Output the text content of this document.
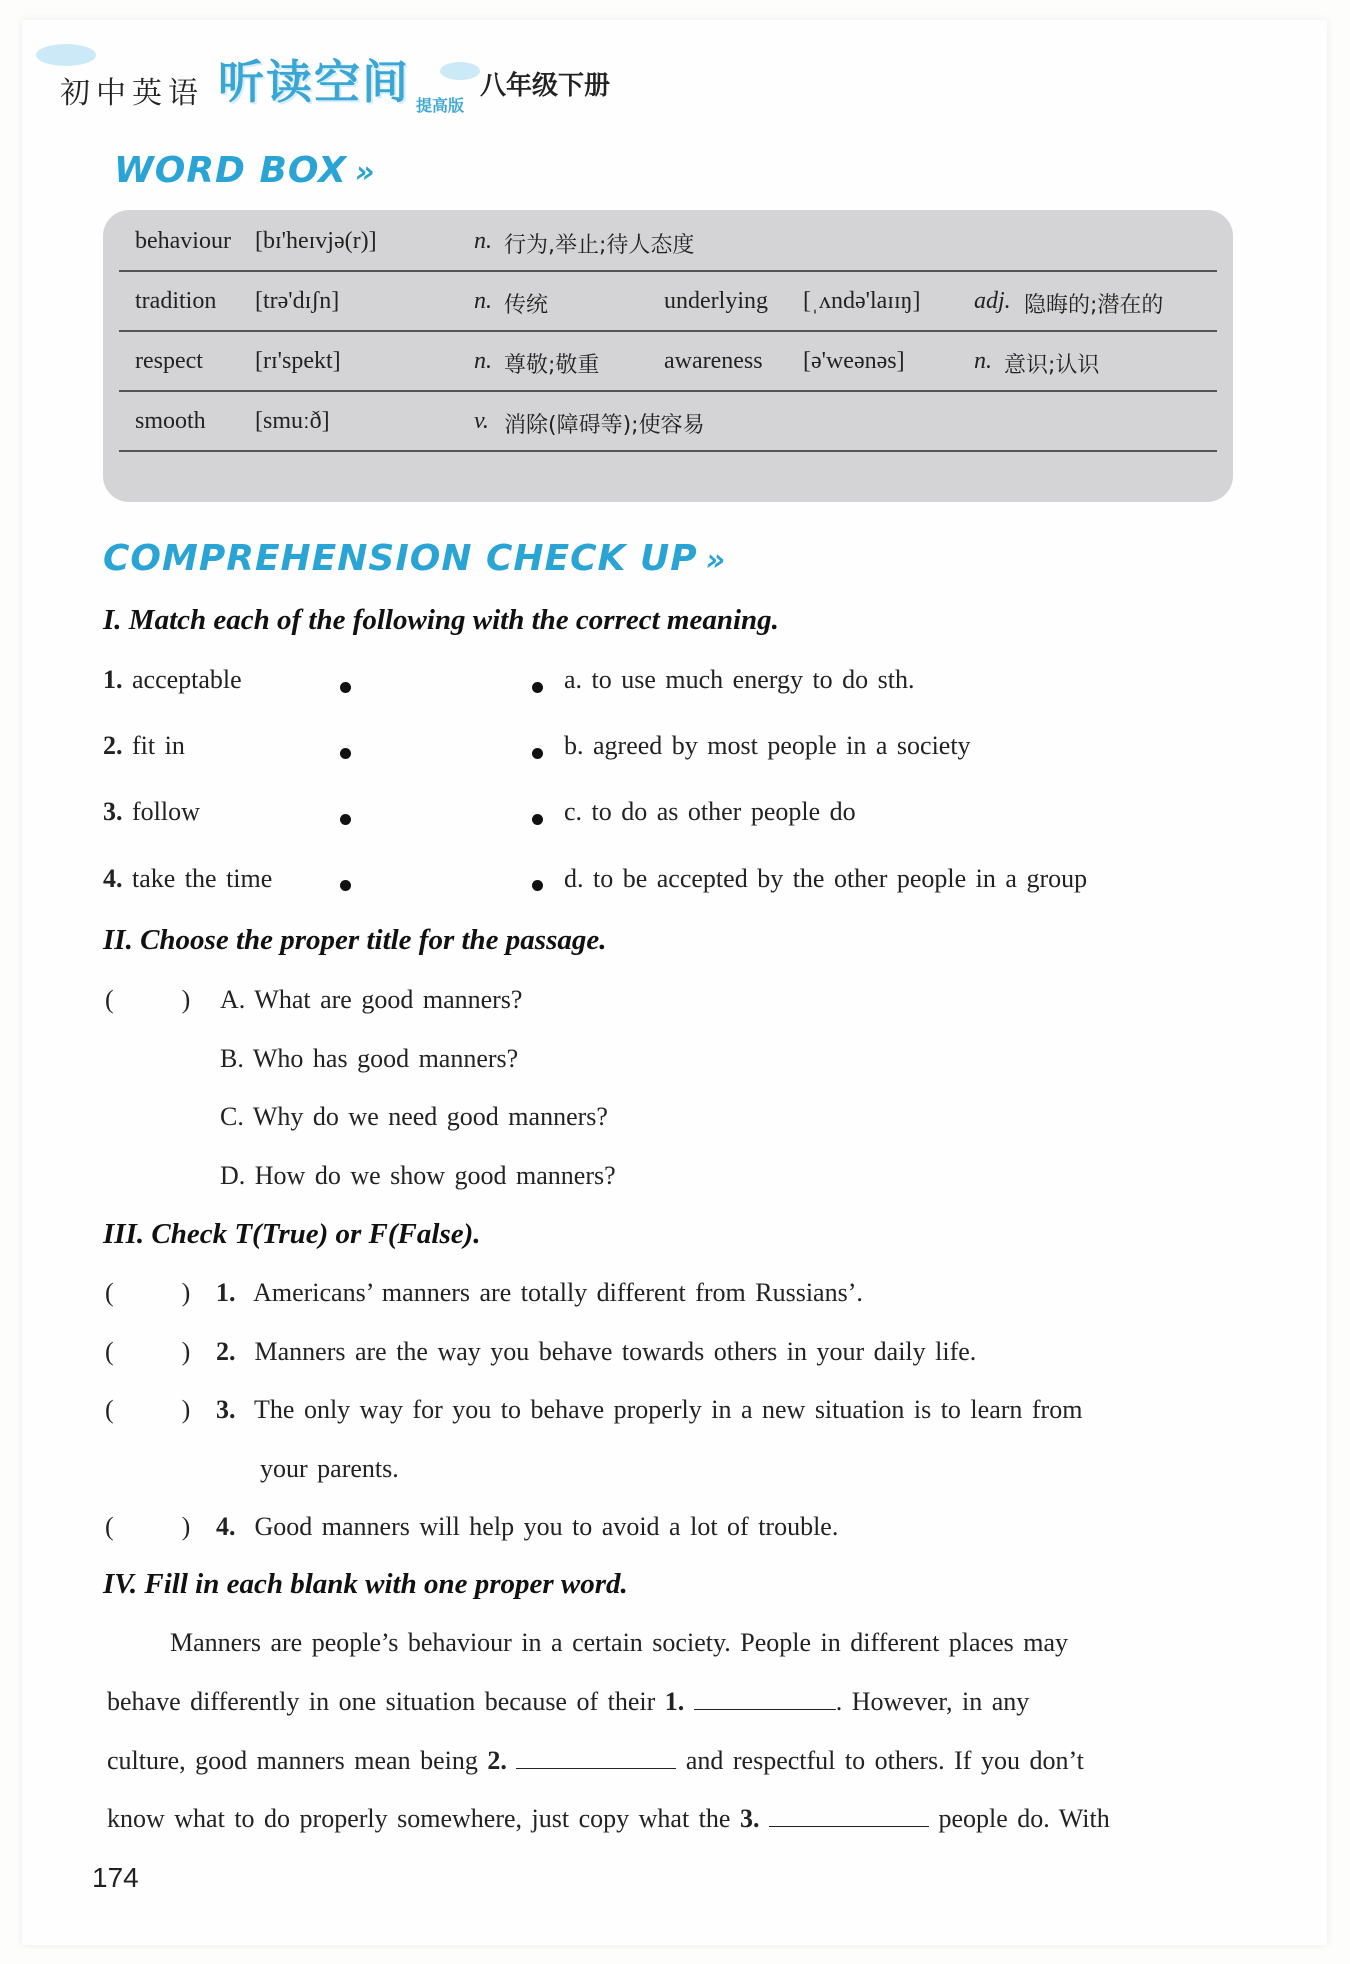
初中英语 听读空间 提高版
八年级下册
WORD BOX »
behaviour [bɪ'heɪvjə(r)]	n. 行为,举止;待人态度
tradition [trə'dɪʃn]	n. 传统	underlying [ˌʌndə'laɪɪŋ] adj. 隐晦的;潜在的
respect [rɪ'spekt]	n. 尊敬;敬重	awareness [ə'weənəs]	n. 意识;认识
smooth [smuːð]	v. 消除(障碍等);使容易
COMPREHENSION CHECK UP »
I. Match each of the following with the correct meaning.
1. acceptable
2. fit in
3. follow
4. take the time
a. to use much energy to do sth.
b. agreed by most people in a society
c. to do as other people do
d. to be accepted by the other people in a group
II. Choose the proper title for the passage.
(	) A. What are good manners?
B. Who has good manners?
C. Why do we need good manners?
D. How do we show good manners?
III. Check T(True) or F(False).
(	) 1. Americans’ manners are totally different from Russians’.
(	) 2. Manners are the way you behave towards others in your daily life.
(	) 3. The only way for you to behave properly in a new situation is to learn from
your parents.
(	) 4. Good manners will help you to avoid a lot of trouble.
IV. Fill in each blank with one proper word.
Manners are people’s behaviour in a certain society. People in different places may
behave differently in one situation because of their 1.	. However, in any
culture, good manners mean being 2.	and respectful to others. If you don’t
know what to do properly somewhere, just copy what the 3.	people do. With
174
